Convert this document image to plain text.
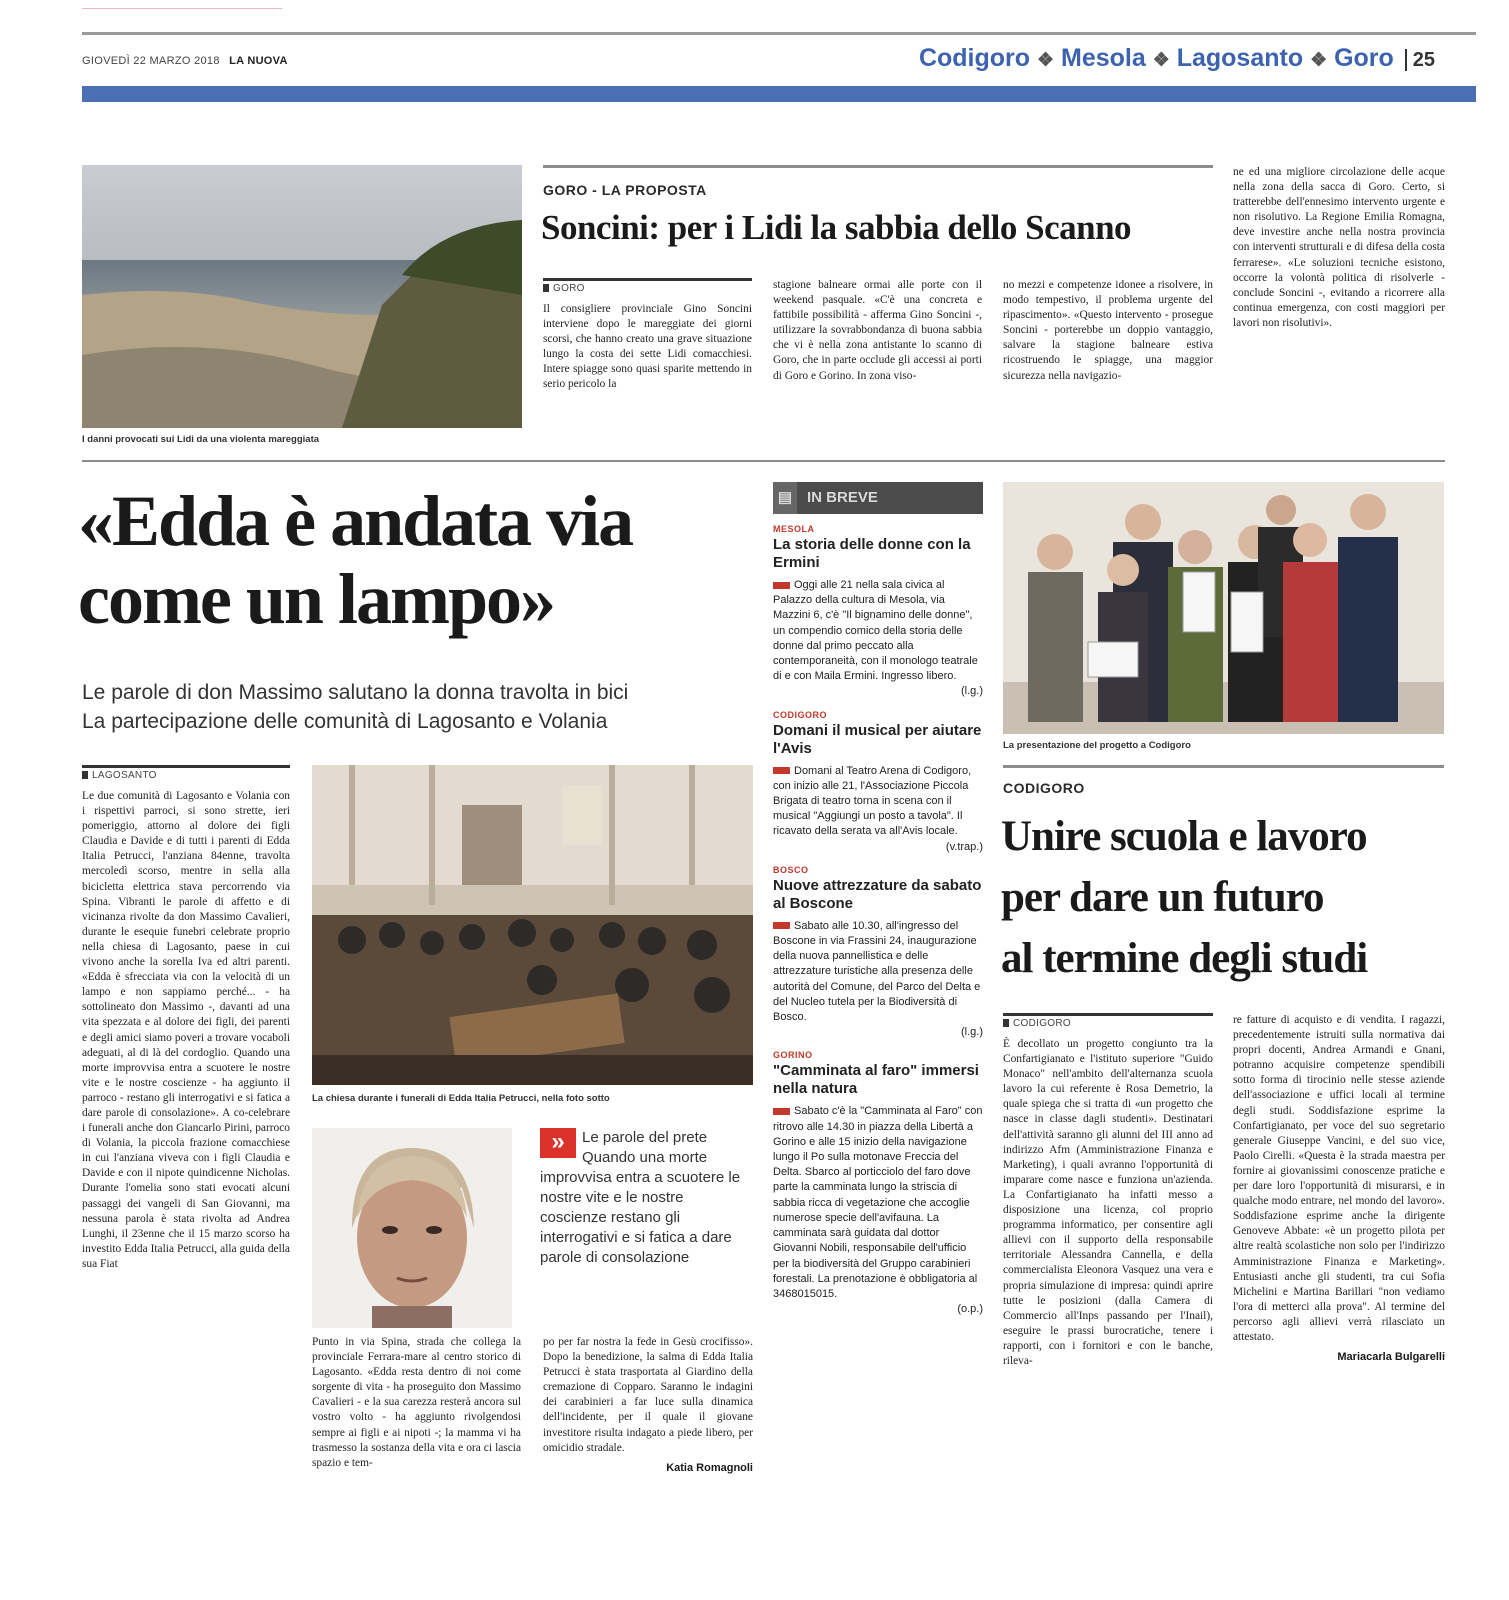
GIOVEDÌ 22 MARZO 2018 LA NUOVA	Codigoro ❖ Mesola ❖ Lagosanto ❖ Goro 25
I danni provocati sui Lidi da una violenta mareggiata
GORO - LA PROPOSTA
Soncini: per i Lidi la sabbia dello Scanno
GORO
Il consigliere provinciale Gino Soncini interviene dopo le mareggiate dei giorni scorsi, che hanno creato una grave situazione lungo la costa dei sette Lidi comacchiesi. Intere spiagge sono quasi sparite mettendo in serio pericolo la
stagione balneare ormai alle porte con il weekend pasquale. «C'è una concreta e fattibile possibilità - afferma Gino Soncini -, utilizzare la sovrabbondanza di buona sabbia che vi è nella zona antistante lo scanno di Goro, che in parte occlude gli accessi ai porti di Goro e Gorino. In zona viso-
no mezzi e competenze idonee a risolvere, in modo tempestivo, il problema urgente del ripascimento». «Questo intervento - prosegue Soncini - porterebbe un doppio vantaggio, salvare la stagione balneare estiva ricostruendo le spiagge, una maggior sicurezza nella navigazio-
ne ed una migliore circolazione delle acque nella zona della sacca di Goro. Certo, si tratterebbe dell'ennesimo intervento urgente e non risolutivo. La Regione Emilia Romagna, deve investire anche nella nostra provincia con interventi strutturali e di difesa della costa ferrarese». «Le soluzioni tecniche esistono, occorre la volontà politica di risolverle - conclude Soncini -, evitando a ricorrere alla continua emergenza, con costi maggiori per lavori non risolutivi».
«Edda è andata via
come un lampo»
Le parole di don Massimo salutano la donna travolta in bici
La partecipazione delle comunità di Lagosanto e Volania
LAGOSANTO
Le due comunità di Lagosanto e Volania con i rispettivi parroci, si sono strette, ieri pomeriggio, attorno al dolore dei figli Claudia e Davide e di tutti i parenti di Edda Italia Petrucci, l'anziana 84enne, travolta mercoledì scorso, mentre in sella alla bicicletta elettrica stava percorrendo via Spina. Vibranti le parole di affetto e di vicinanza rivolte da don Massimo Cavalieri, durante le esequie funebri celebrate proprio nella chiesa di Lagosanto, paese in cui vivono anche la sorella Iva ed altri parenti. «Edda è sfrecciata via con la velocità di un lampo e non sappiamo perché... - ha sottolineato don Massimo -, davanti ad una vita spezzata e al dolore dei figli, dei parenti e degli amici siamo poveri a trovare vocaboli adeguati, al di là del cordoglio. Quando una morte improvvisa entra a scuotere le nostre vite e le nostre coscienze - ha aggiunto il parroco - restano gli interrogativi e si fatica a dare parole di consolazione». A co-celebrare i funerali anche don Giancarlo Pirini, parroco di Volania, la piccola frazione comacchiese in cui l'anziana viveva con i figli Claudia e Davide e con il nipote quindicenne Nicholas. Durante l'omelia sono stati evocati alcuni passaggi dei vangeli di San Giovanni, ma nessuna parola è stata rivolta ad Andrea Lunghi, il 23enne che il 15 marzo scorso ha investito Edda Italia Petrucci, alla guida della sua Fiat
La chiesa durante i funerali di Edda Italia Petrucci, nella foto sotto
»	Le parole del prete Quando una morte improvvisa entra a scuotere le nostre vite e le nostre coscienze restano gli interrogativi e si fatica a dare parole di consolazione
Punto in via Spina, strada che collega la provinciale Ferrara-mare al centro storico di Lagosanto. «Edda resta dentro di noi come sorgente di vita - ha proseguito don Massimo Cavalieri - e la sua carezza resterà ancora sul vostro volto - ha aggiunto rivolgendosi sempre ai figli e ai nipoti -; la mamma vi ha trasmesso la sostanza della vita e ora ci lascia spazio e tem-
po per far nostra la fede in Gesù crocifisso». Dopo la benedizione, la salma di Edda Italia Petrucci è stata trasportata al Giardino della cremazione di Copparo. Saranno le indagini dei carabinieri a far luce sulla dinamica dell'incidente, per il quale il giovane investitore risulta indagato a piede libero, per omicidio stradale.
Katia Romagnoli
▤ IN BREVE
MESOLA
La storia delle donne con la Ermini
Oggi alle 21 nella sala civica al Palazzo della cultura di Mesola, via Mazzini 6, c'è "Il bignamino delle donne", un compendio comico della storia delle donne dal primo peccato alla contemporaneità, con il monologo teatrale di e con Maila Ermini. Ingresso libero.
(l.g.)
CODIGORO
Domani il musical per aiutare l'Avis
Domani al Teatro Arena di Codigoro, con inizio alle 21, l'Associazione Piccola Brigata di teatro torna in scena con il musical "Aggiungi un posto a tavola". Il ricavato della serata va all'Avis locale.
(v.trap.)
BOSCO
Nuove attrezzature da sabato al Boscone
Sabato alle 10.30, all'ingresso del Boscone in via Frassini 24, inaugurazione della nuova pannellistica e delle attrezzature turistiche alla presenza delle autorità del Comune, del Parco del Delta e del Nucleo tutela per la Biodiversità di Bosco.
(l.g.)
GORINO
"Camminata al faro" immersi nella natura
Sabato c'è la "Camminata al Faro" con ritrovo alle 14.30 in piazza della Libertà a Gorino e alle 15 inizio della navigazione lungo il Po sulla motonave Freccia del Delta. Sbarco al porticciolo del faro dove parte la camminata lungo la striscia di sabbia ricca di vegetazione che accoglie numerose specie dell'avifauna. La camminata sarà guidata dal dottor Giovanni Nobili, responsabile dell'ufficio per la biodiversità del Gruppo carabinieri forestali. La prenotazione è obbligatoria al 3468015015.
(o.p.)
La presentazione del progetto a Codigoro
CODIGORO
Unire scuola e lavoro
per dare un futuro
al termine degli studi
CODIGORO
È decollato un progetto congiunto tra la Confartigianato e l'istituto superiore "Guido Monaco" nell'ambito dell'alternanza scuola lavoro la cui referente è Rosa Demetrio, la quale spiega che si tratta di «un progetto che nasce in classe dagli studenti». Destinatari dell'attività saranno gli alunni del III anno ad indirizzo Afm (Amministrazione Finanza e Marketing), i quali avranno l'opportunità di imparare come nasce e funziona un'azienda. La Confartigianato ha infatti messo a disposizione una licenza, col proprio programma informatico, per consentire agli allievi con il supporto della responsabile territoriale Alessandra Cannella, e della commercialista Eleonora Vasquez una vera e propria simulazione di impresa: quindi aprire tutte le posizioni (dalla Camera di Commercio all'Inps passando per l'Inail), eseguire le prassi burocratiche, tenere i rapporti, con i fornitori e con le banche, rileva-
re fatture di acquisto e di vendita. I ragazzi, precedentemente istruiti sulla normativa dai propri docenti, Andrea Armandi e Gnani, potranno acquisire competenze spendibili sotto forma di tirocinio nelle stesse aziende dell'associazione e uffici locali al termine degli studi. Soddisfazione esprime la Confartigianato, per voce del suo segretario generale Giuseppe Vancini, e del suo vice, Paolo Cirelli. «Questa è la strada maestra per fornire ai giovanissimi conoscenze pratiche e per dare loro l'opportunità di misurarsi, e in qualche modo entrare, nel mondo del lavoro». Soddisfazione esprime anche la dirigente Genoveve Abbate: «è un progetto pilota per altre realtà scolastiche non solo per l'indirizzo Amministrazione Finanza e Marketing». Entusiasti anche gli studenti, tra cui Sofia Michelini e Martina Barillari "non vediamo l'ora di metterci alla prova". Al termine del percorso agli allievi verrà rilasciato un attestato.
Mariacarla Bulgarelli
